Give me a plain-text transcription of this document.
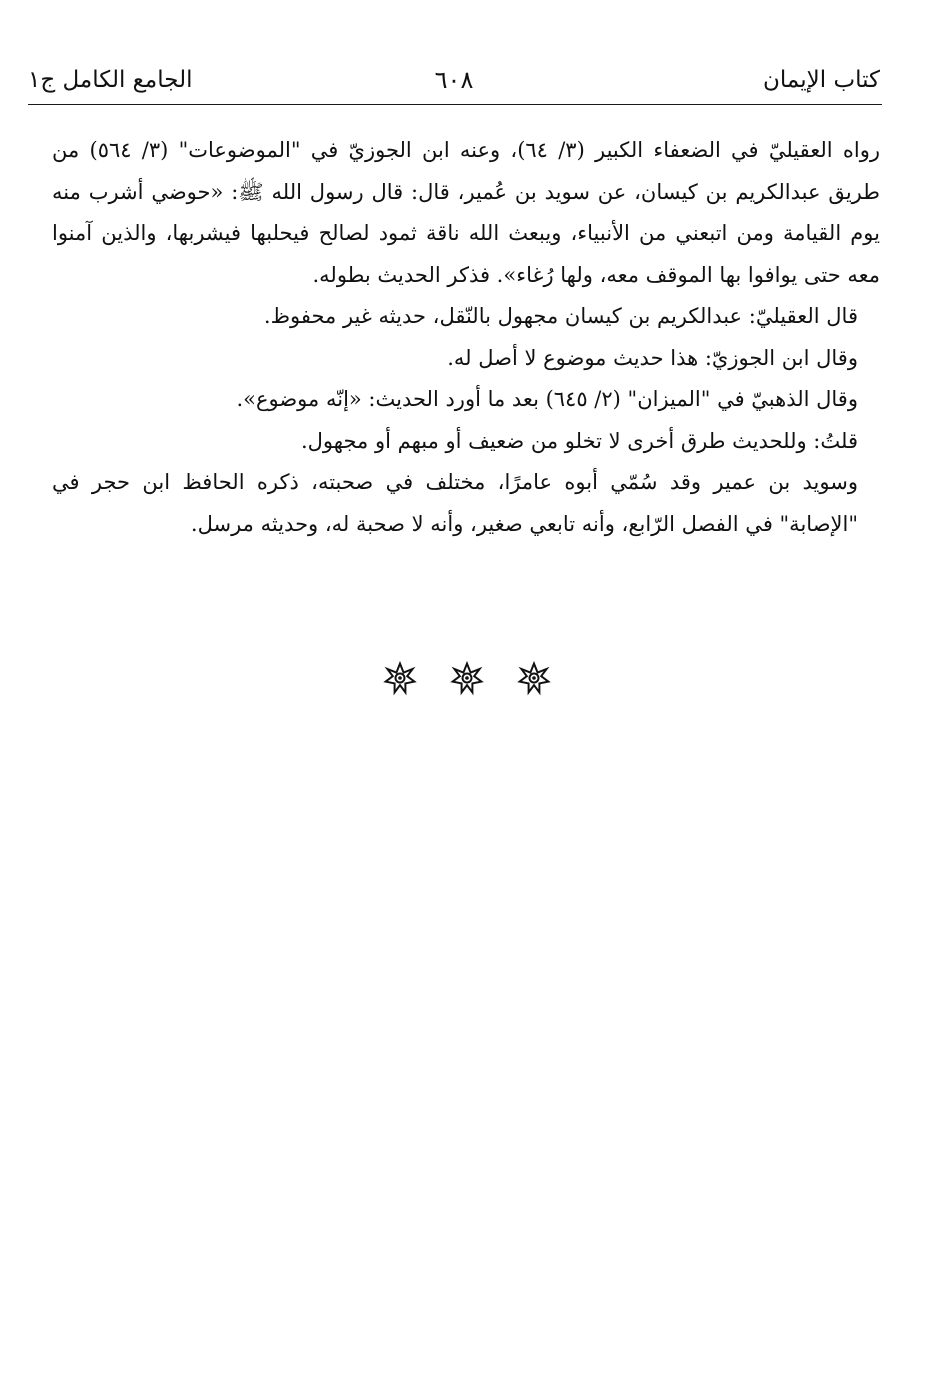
كتاب الإيمان
٦٠٨
الجامع الكامل ج١

رواه العقيليّ في الضعفاء الكبير (٣/ ٦٤)، وعنه ابن الجوزيّ في "الموضوعات" (٣/ ٥٦٤) من طريق عبدالكريم بن كيسان، عن سويد بن عُمير، قال: قال رسول الله ﷺ: «حوضي أشرب منه يوم القيامة ومن اتبعني من الأنبياء، ويبعث الله ناقة ثمود لصالح فيحلبها فيشربها، والذين آمنوا معه حتى يوافوا بها الموقف معه، ولها رُغاء». فذكر الحديث بطوله.

قال العقيليّ: عبدالكريم بن كيسان مجهول بالنّقل، حديثه غير محفوظ.

وقال ابن الجوزيّ: هذا حديث موضوع لا أصل له.

وقال الذهبيّ في "الميزان" (٢/ ٦٤٥) بعد ما أورد الحديث: «إنّه موضوع».

قلتُ: وللحديث طرق أخرى لا تخلو من ضعيف أو مبهم أو مجهول.

وسويد بن عمير وقد سُمّي أبوه عامرًا، مختلف في صحبته، ذكره الحافظ ابن حجر في "الإصابة" في الفصل الرّابع، وأنه تابعي صغير، وأنه لا صحبة له، وحديثه مرسل.
